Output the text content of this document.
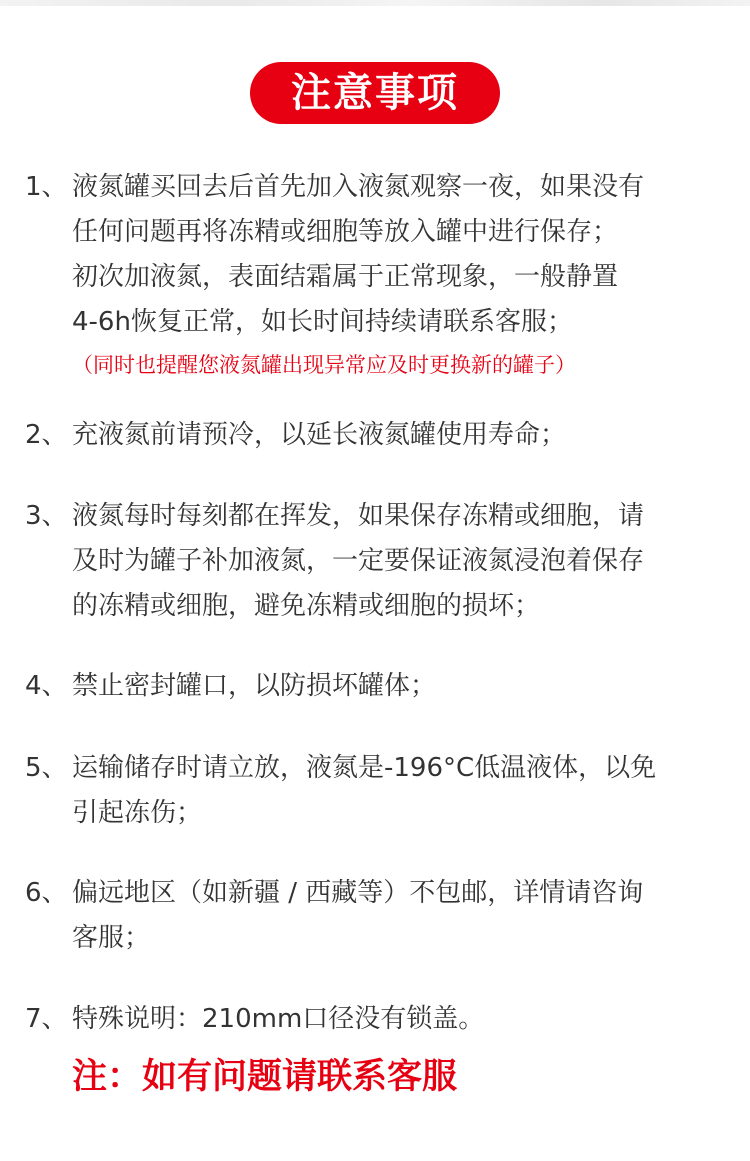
注意事项
1、 液氮罐买回去后首先加入液氮观察一夜，如果没有
任何问题再将冻精或细胞等放入罐中进行保存；
初次加液氮，表面结霜属于正常现象，一般静置
4-6h恢复正常，如长时间持续请联系客服；
（同时也提醒您液氮罐出现异常应及时更换新的罐子）
2、 充液氮前请预冷，以延长液氮罐使用寿命；
3、 液氮每时每刻都在挥发，如果保存冻精或细胞，请
及时为罐子补加液氮，一定要保证液氮浸泡着保存
的冻精或细胞，避免冻精或细胞的损坏；
4、 禁止密封罐口，以防损坏罐体；
5、 运输储存时请立放，液氮是-196°C低温液体，以免
引起冻伤；
6、 偏远地区（如新疆 / 西藏等）不包邮，详情请咨询
客服；
7、 特殊说明：210mm口径没有锁盖。
注：如有问题请联系客服
